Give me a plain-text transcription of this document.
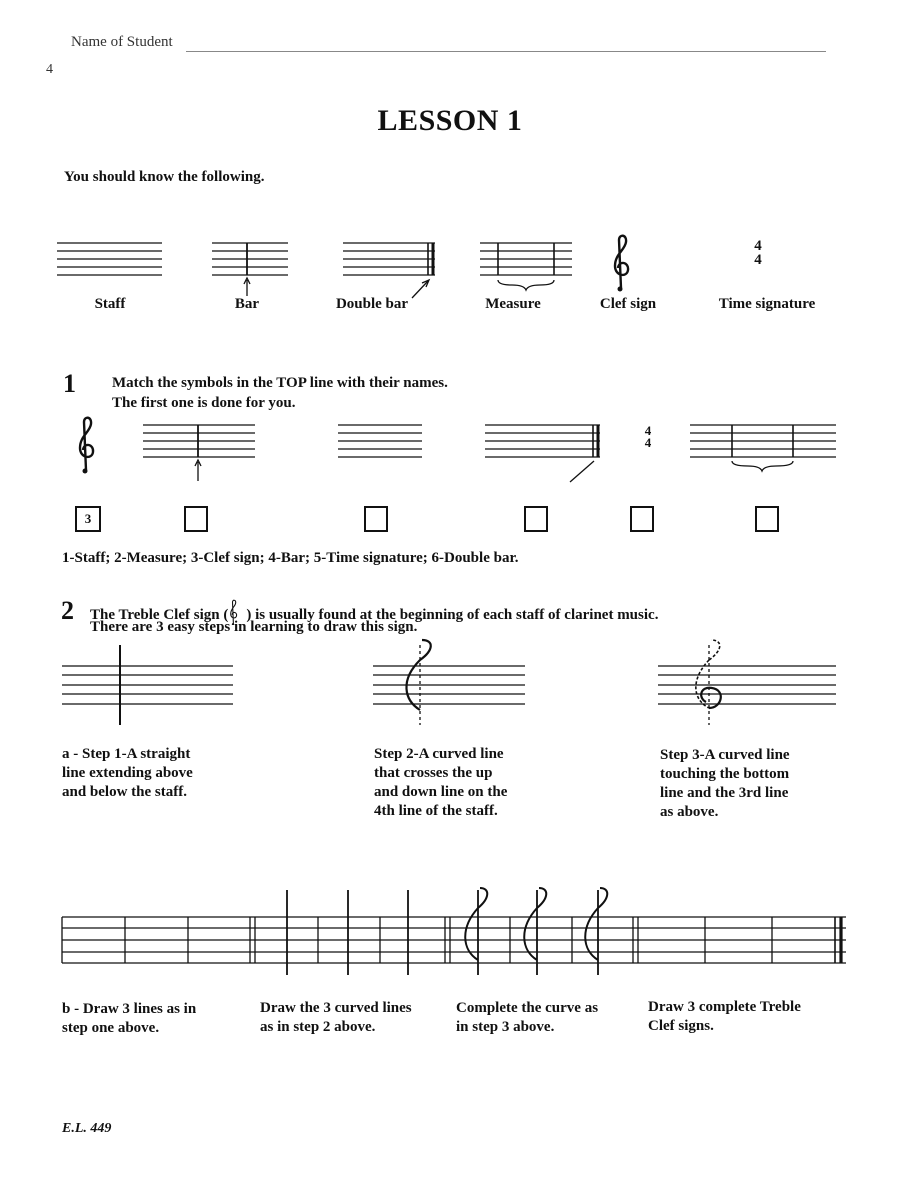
Name of Student
4
LESSON 1
You should know the following.
4
4
4
4
Staff	Bar	Double bar	Measure	Clef sign	Time signature
1 Match the symbols in the TOP line with their names.
The first one is done for you.
3
1-Staff; 2-Measure; 3-Clef sign; 4-Bar; 5-Time signature; 6-Double bar.
2 The Treble Clef sign ( ) is usually found at the beginning of each staff of clarinet music.
There are 3 easy steps in learning to draw this sign.
a - Step 1-A straight
line extending above
and below the staff.
Step 2-A curved line
that crosses the up
and down line on the
4th line of the staff.
Step 3-A curved line
touching the bottom
line and the 3rd line
as above.
b - Draw 3 lines as in
step one above.
Draw the 3 curved lines
as in step 2 above.
Complete the curve as
in step 3 above.
Draw 3 complete Treble
Clef signs.
E.L. 449
